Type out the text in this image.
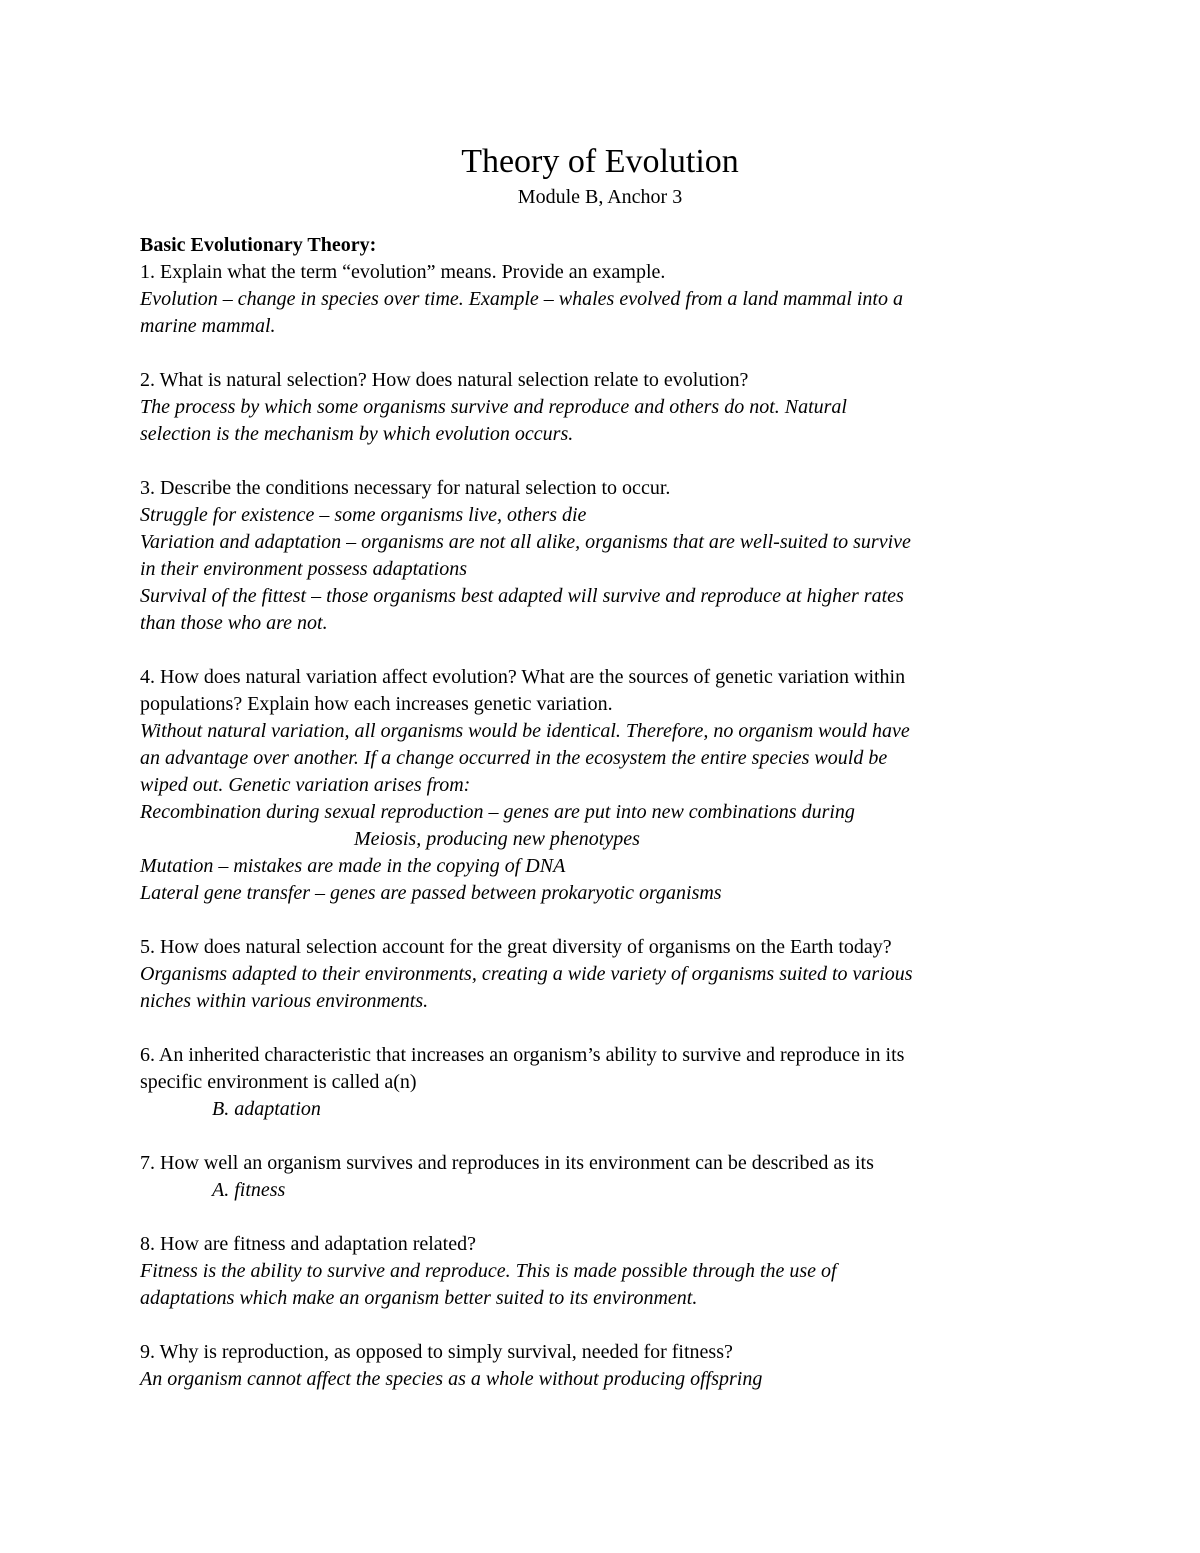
Theory of Evolution
Module B, Anchor 3
Basic Evolutionary Theory:
1. Explain what the term “evolution” means. Provide an example.
Evolution – change in species over time. Example – whales evolved from a land mammal into a
marine mammal.
2. What is natural selection? How does natural selection relate to evolution?
The process by which some organisms survive and reproduce and others do not. Natural
selection is the mechanism by which evolution occurs.
3. Describe the conditions necessary for natural selection to occur.
Struggle for existence – some organisms live, others die
Variation and adaptation – organisms are not all alike, organisms that are well-suited to survive
in their environment possess adaptations
Survival of the fittest – those organisms best adapted will survive and reproduce at higher rates
than those who are not.
4. How does natural variation affect evolution? What are the sources of genetic variation within
populations? Explain how each increases genetic variation.
Without natural variation, all organisms would be identical. Therefore, no organism would have
an advantage over another. If a change occurred in the ecosystem the entire species would be
wiped out. Genetic variation arises from:
Recombination during sexual reproduction – genes are put into new combinations during
Meiosis, producing new phenotypes
Mutation – mistakes are made in the copying of DNA
Lateral gene transfer – genes are passed between prokaryotic organisms
5. How does natural selection account for the great diversity of organisms on the Earth today?
Organisms adapted to their environments, creating a wide variety of organisms suited to various
niches within various environments.
6. An inherited characteristic that increases an organism’s ability to survive and reproduce in its
specific environment is called a(n)
B. adaptation
7. How well an organism survives and reproduces in its environment can be described as its
A. fitness
8. How are fitness and adaptation related?
Fitness is the ability to survive and reproduce. This is made possible through the use of
adaptations which make an organism better suited to its environment.
9. Why is reproduction, as opposed to simply survival, needed for fitness?
An organism cannot affect the species as a whole without producing offspring
